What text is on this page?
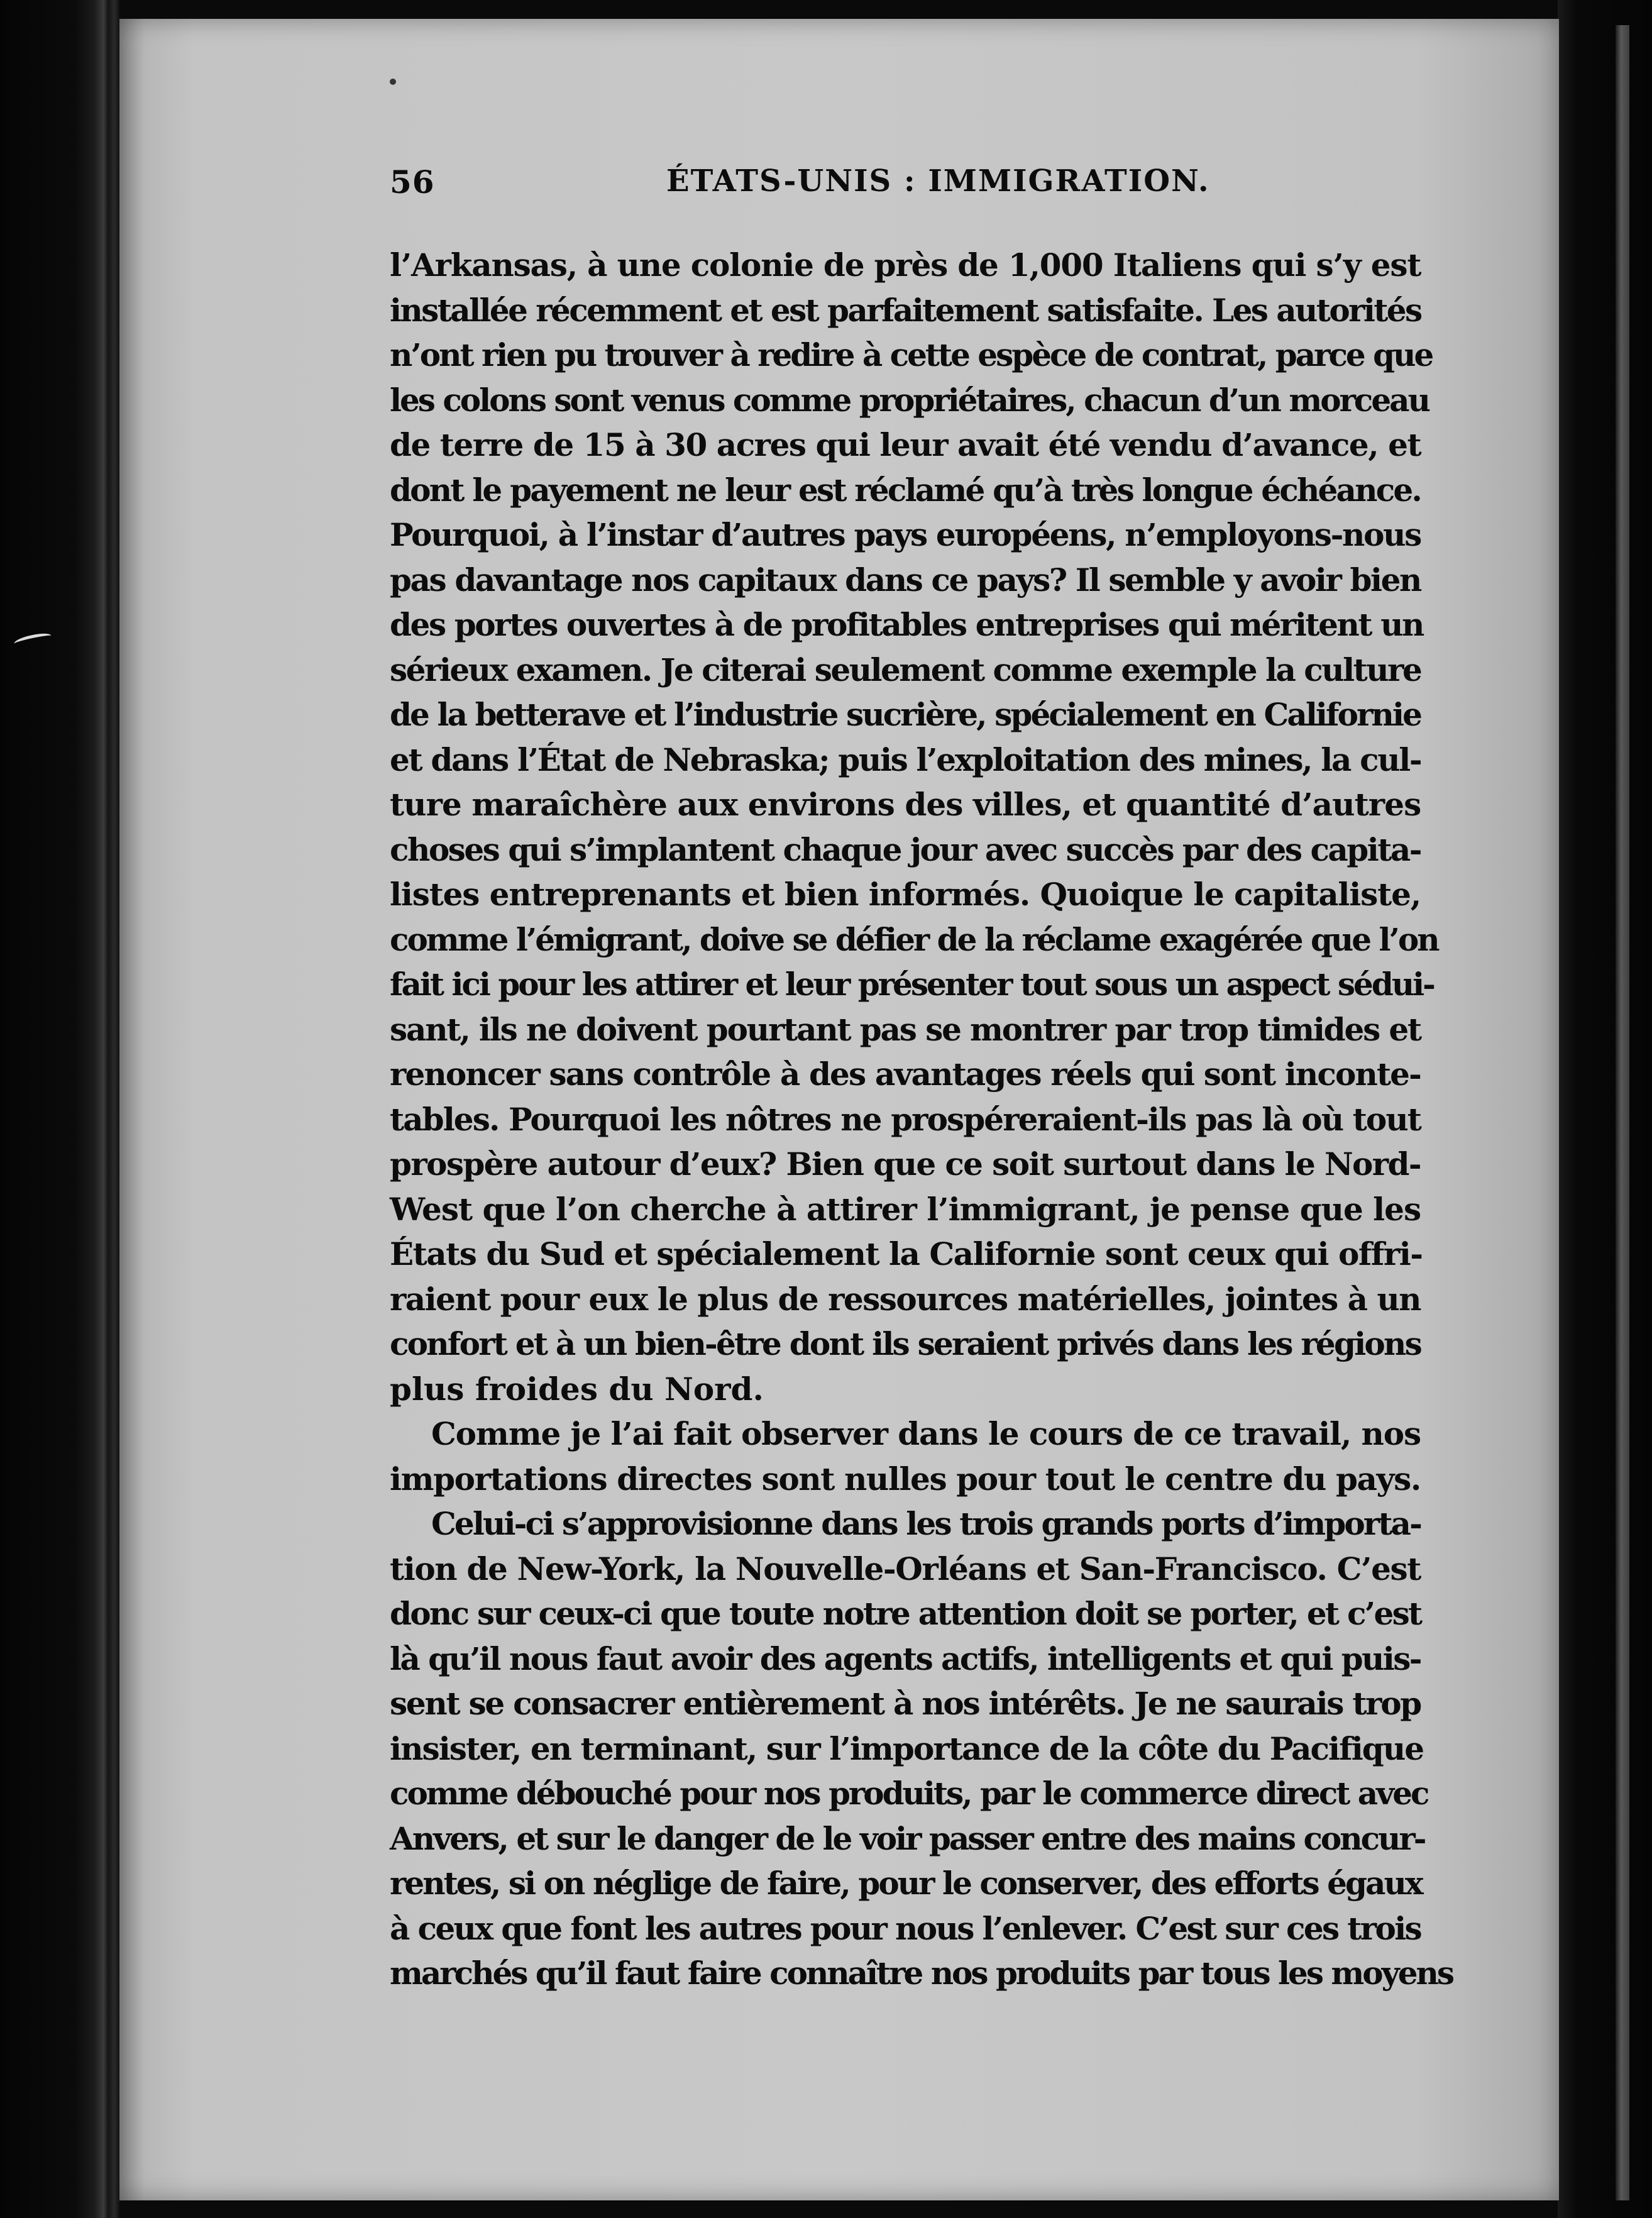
56	ÉTATS-UNIS : IMMIGRATION.
l’Arkansas, à une colonie de près de 1,000 Italiens qui s’y est
installée récemment et est parfaitement satisfaite. Les autorités
n’ont rien pu trouver à redire à cette espèce de contrat, parce que
les colons sont venus comme propriétaires, chacun d’un morceau
de terre de 15 à 30 acres qui leur avait été vendu d’avance, et
dont le payement ne leur est réclamé qu’à très longue échéance.
Pourquoi, à l’instar d’autres pays européens, n’employons-nous
pas davantage nos capitaux dans ce pays? Il semble y avoir bien
des portes ouvertes à de profitables entreprises qui méritent un
sérieux examen. Je citerai seulement comme exemple la culture
de la betterave et l’industrie sucrière, spécialement en Californie
et dans l’État de Nebraska; puis l’exploitation des mines, la cul-
ture maraîchère aux environs des villes, et quantité d’autres
choses qui s’implantent chaque jour avec succès par des capita-
listes entreprenants et bien informés. Quoique le capitaliste,
comme l’émigrant, doive se défier de la réclame exagérée que l’on
fait ici pour les attirer et leur présenter tout sous un aspect sédui-
sant, ils ne doivent pourtant pas se montrer par trop timides et
renoncer sans contrôle à des avantages réels qui sont inconte-
tables. Pourquoi les nôtres ne prospéreraient-ils pas là où tout
prospère autour d’eux? Bien que ce soit surtout dans le Nord-
West que l’on cherche à attirer l’immigrant, je pense que les
États du Sud et spécialement la Californie sont ceux qui offri-
raient pour eux le plus de ressources matérielles, jointes à un
confort et à un bien-être dont ils seraient privés dans les régions
plus froides du Nord.
Comme je l’ai fait observer dans le cours de ce travail, nos
importations directes sont nulles pour tout le centre du pays.
Celui-ci s’approvisionne dans les trois grands ports d’importa-
tion de New-York, la Nouvelle-Orléans et San-Francisco. C’est
donc sur ceux-ci que toute notre attention doit se porter, et c’est
là qu’il nous faut avoir des agents actifs, intelligents et qui puis-
sent se consacrer entièrement à nos intérêts. Je ne saurais trop
insister, en terminant, sur l’importance de la côte du Pacifique
comme débouché pour nos produits, par le commerce direct avec
Anvers, et sur le danger de le voir passer entre des mains concur-
rentes, si on néglige de faire, pour le conserver, des efforts égaux
à ceux que font les autres pour nous l’enlever. C’est sur ces trois
marchés qu’il faut faire connaître nos produits par tous les moyens
